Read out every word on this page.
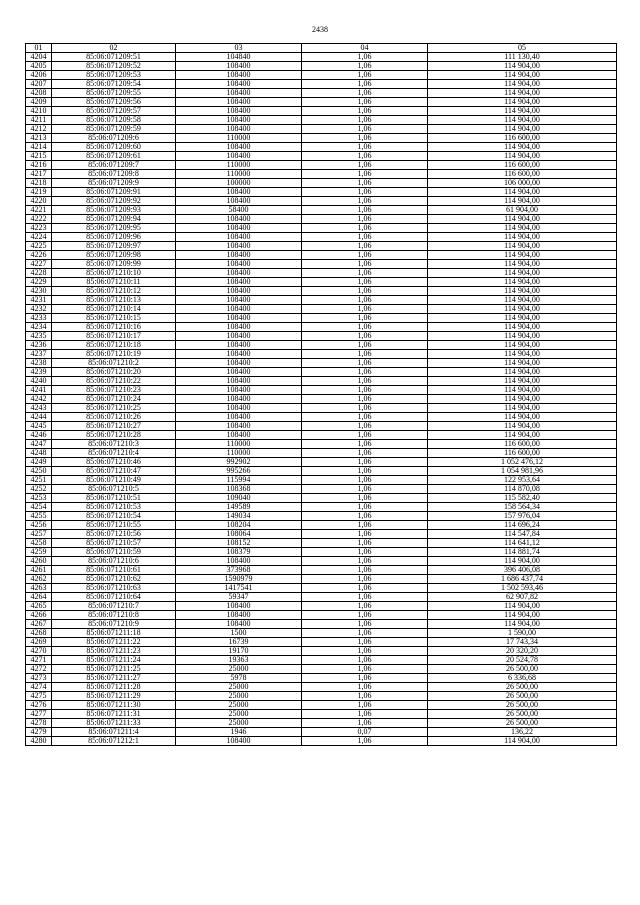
2438
01	02	03	04	05
4204	85:06:071209:51	104840	1,06	111 130,40
4205	85:06:071209:52	108400	1,06	114 904,00
4206	85:06:071209:53	108400	1,06	114 904,00
4207	85:06:071209:54	108400	1,06	114 904,00
4208	85:06:071209:55	108400	1,06	114 904,00
4209	85:06:071209:56	108400	1,06	114 904,00
4210	85:06:071209:57	108400	1,06	114 904,00
4211	85:06:071209:58	108400	1,06	114 904,00
4212	85:06:071209:59	108400	1,06	114 904,00
4213	85:06:071209:6	110000	1,06	116 600,00
4214	85:06:071209:60	108400	1,06	114 904,00
4215	85:06:071209:61	108400	1,06	114 904,00
4216	85:06:071209:7	110000	1,06	116 600,00
4217	85:06:071209:8	110000	1,06	116 600,00
4218	85:06:071209:9	100000	1,06	106 000,00
4219	85:06:071209:91	108400	1,06	114 904,00
4220	85:06:071209:92	108400	1,06	114 904,00
4221	85:06:071209:93	58400	1,06	61 904,00
4222	85:06:071209:94	108400	1,06	114 904,00
4223	85:06:071209:95	108400	1,06	114 904,00
4224	85:06:071209:96	108400	1,06	114 904,00
4225	85:06:071209:97	108400	1,06	114 904,00
4226	85:06:071209:98	108400	1,06	114 904,00
4227	85:06:071209:99	108400	1,06	114 904,00
4228	85:06:071210:10	108400	1,06	114 904,00
4229	85:06:071210:11	108400	1,06	114 904,00
4230	85:06:071210:12	108400	1,06	114 904,00
4231	85:06:071210:13	108400	1,06	114 904,00
4232	85:06:071210:14	108400	1,06	114 904,00
4233	85:06:071210:15	108400	1,06	114 904,00
4234	85:06:071210:16	108400	1,06	114 904,00
4235	85:06:071210:17	108400	1,06	114 904,00
4236	85:06:071210:18	108400	1,06	114 904,00
4237	85:06:071210:19	108400	1,06	114 904,00
4238	85:06:071210:2	108400	1,06	114 904,00
4239	85:06:071210:20	108400	1,06	114 904,00
4240	85:06:071210:22	108400	1,06	114 904,00
4241	85:06:071210:23	108400	1,06	114 904,00
4242	85:06:071210:24	108400	1,06	114 904,00
4243	85:06:071210:25	108400	1,06	114 904,00
4244	85:06:071210:26	108400	1,06	114 904,00
4245	85:06:071210:27	108400	1,06	114 904,00
4246	85:06:071210:28	108400	1,06	114 904,00
4247	85:06:071210:3	110000	1,06	116 600,00
4248	85:06:071210:4	110000	1,06	116 600,00
4249	85:06:071210:46	992902	1,06	1 052 476,12
4250	85:06:071210:47	995266	1,06	1 054 981,96
4251	85:06:071210:49	115994	1,06	122 953,64
4252	85:06:071210:5	108368	1,06	114 870,08
4253	85:06:071210:51	109040	1,06	115 582,40
4254	85:06:071210:53	149589	1,06	158 564,34
4255	85:06:071210:54	149034	1,06	157 976,04
4256	85:06:071210:55	108204	1,06	114 696,24
4257	85:06:071210:56	108064	1,06	114 547,84
4258	85:06:071210:57	108152	1,06	114 641,12
4259	85:06:071210:59	108379	1,06	114 881,74
4260	85:06:071210:6	108400	1,06	114 904,00
4261	85:06:071210:61	373968	1,06	396 406,08
4262	85:06:071210:62	1590979	1,06	1 686 437,74
4263	85:06:071210:63	1417541	1,06	1 502 593,46
4264	85:06:071210:64	59347	1,06	62 907,82
4265	85:06:071210:7	108400	1,06	114 904,00
4266	85:06:071210:8	108400	1,06	114 904,00
4267	85:06:071210:9	108400	1,06	114 904,00
4268	85:06:071211:18	1500	1,06	1 590,00
4269	85:06:071211:22	16739	1,06	17 743,34
4270	85:06:071211:23	19170	1,06	20 320,20
4271	85:06:071211:24	19363	1,06	20 524,78
4272	85:06:071211:25	25000	1,06	26 500,00
4273	85:06:071211:27	5978	1,06	6 336,68
4274	85:06:071211:28	25000	1,06	26 500,00
4275	85:06:071211:29	25000	1,06	26 500,00
4276	85:06:071211:30	25000	1,06	26 500,00
4277	85:06:071211:31	25000	1,06	26 500,00
4278	85:06:071211:33	25000	1,06	26 500,00
4279	85:06:071211:4	1946	0,07	136,22
4280	85:06:071212:1	108400	1,06	114 904,00
